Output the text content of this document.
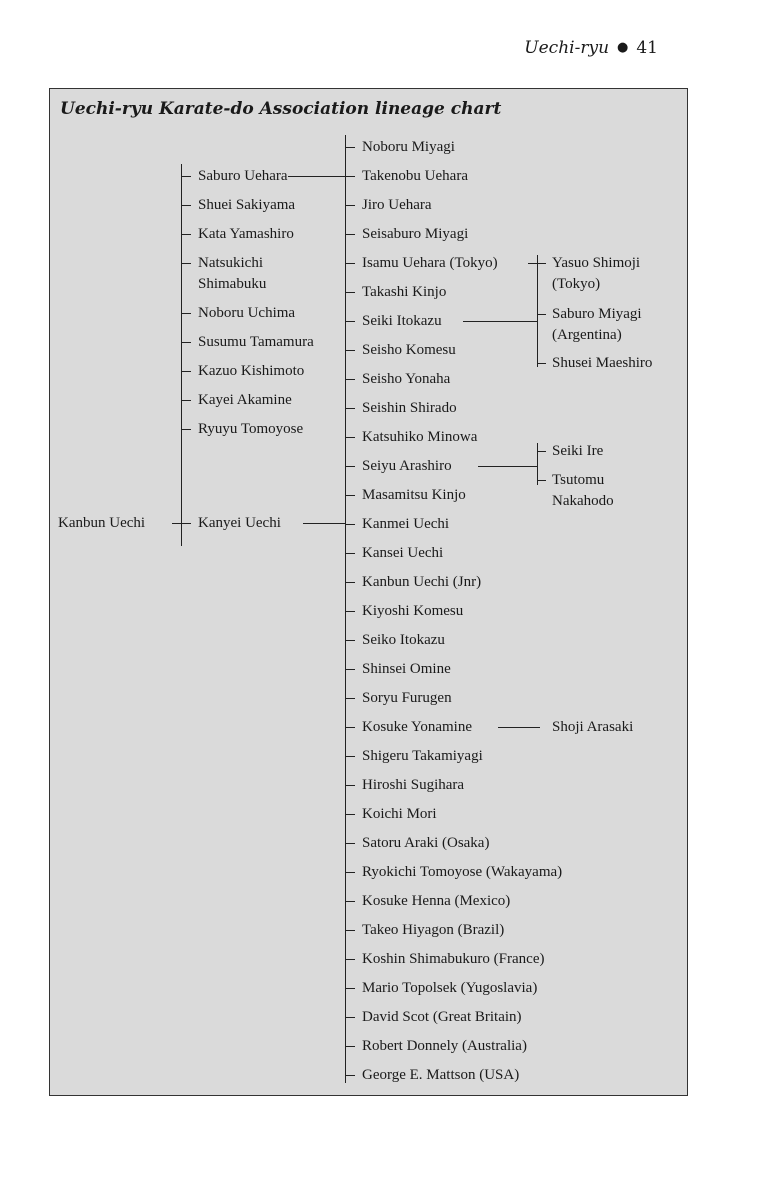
Uechi-ryu ● 41
Uechi-ryu Karate-do Association lineage chart
Kanbun Uechi
Saburo Uehara
Shuei Sakiyama
Kata Yamashiro
Natsukichi
Shimabuku
Noboru Uchima
Susumu Tamamura
Kazuo Kishimoto
Kayei Akamine
Ryuyu Tomoyose
Kanyei Uechi
Noboru Miyagi
Takenobu Uehara
Jiro Uehara
Seisaburo Miyagi
Isamu Uehara (Tokyo)
Takashi Kinjo
Seiki Itokazu
Seisho Komesu
Seisho Yonaha
Seishin Shirado
Katsuhiko Minowa
Seiyu Arashiro
Masamitsu Kinjo
Kanmei Uechi
Kansei Uechi
Kanbun Uechi (Jnr)
Kiyoshi Komesu
Seiko Itokazu
Shinsei Omine
Soryu Furugen
Kosuke Yonamine
Shigeru Takamiyagi
Hiroshi Sugihara
Koichi Mori
Satoru Araki (Osaka)
Ryokichi Tomoyose (Wakayama)
Kosuke Henna (Mexico)
Takeo Hiyagon (Brazil)
Koshin Shimabukuro (France)
Mario Topolsek (Yugoslavia)
David Scot (Great Britain)
Robert Donnely (Australia)
George E. Mattson (USA)
Yasuo Shimoji (Tokyo)
Saburo Miyagi (Argentina)
Shusei Maeshiro
Seiki Ire
Tsutomu Nakahodo
Shoji Arasaki
